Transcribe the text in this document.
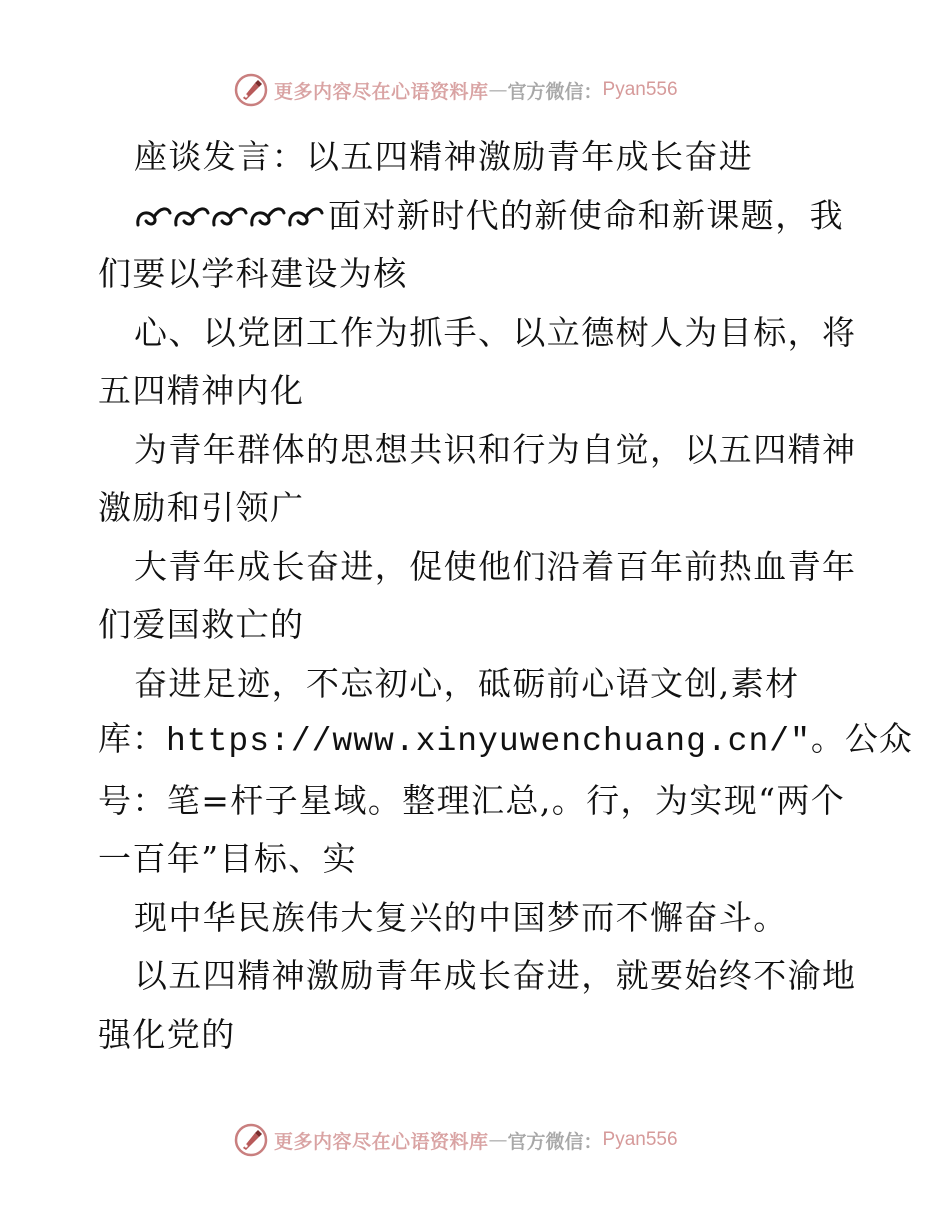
更多内容尽在心语资料库 — 官方微信： Pyan556
座谈发言：以五四精神激励青年成长奋进
面对新时代的新使命和新课题，我
们要以学科建设为核
心、以党团工作为抓手、以立德树人为目标，将
五四精神内化
为青年群体的思想共识和行为自觉，以五四精神
激励和引领广
大青年成长奋进，促使他们沿着百年前热血青年
们爱国救亡的
奋进足迹，不忘初心，砥砺前心语文创,素材
库：https://www.xinyuwenchuang.cn/"。公众
号：笔=杆子星域。整理汇总,。行，为实现“两个
一百年”目标、实
现中华民族伟大复兴的中国梦而不懈奋斗。
以五四精神激励青年成长奋进，就要始终不渝地
强化党的
更多内容尽在心语资料库 — 官方微信： Pyan556
